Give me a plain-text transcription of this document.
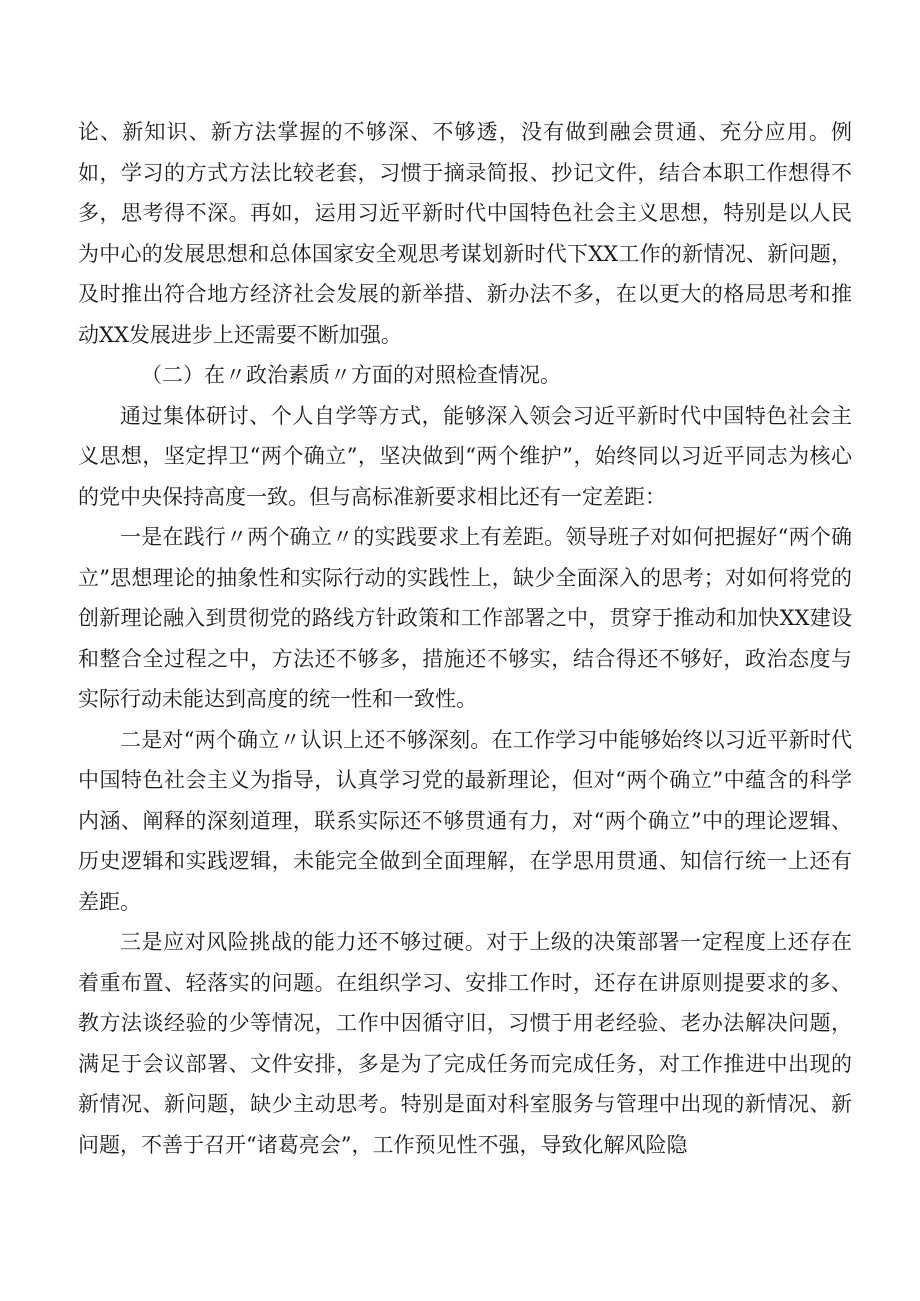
论、新知识、新方法掌握的不够深、不够透，没有做到融会贯通、充分应用。例如，学习的方式方法比较老套，习惯于摘录简报、抄记文件，结合本职工作想得不多，思考得不深。再如，运用习近平新时代中国特色社会主义思想，特别是以人民为中心的发展思想和总体国家安全观思考谋划新时代下XX工作的新情况、新问题，及时推出符合地方经济社会发展的新举措、新办法不多，在以更大的格局思考和推动XX发展进步上还需要不断加强。

（二）在〃政治素质〃方面的对照检查情况。

通过集体研讨、个人自学等方式，能够深入领会习近平新时代中国特色社会主义思想，坚定捍卫“两个确立”，坚决做到“两个维护”，始终同以习近平同志为核心的党中央保持高度一致。但与高标准新要求相比还有一定差距：

一是在践行〃两个确立〃的实践要求上有差距。领导班子对如何把握好“两个确立”思想理论的抽象性和实际行动的实践性上，缺少全面深入的思考；对如何将党的创新理论融入到贯彻党的路线方针政策和工作部署之中，贯穿于推动和加快XX建设和整合全过程之中，方法还不够多，措施还不够实，结合得还不够好，政治态度与实际行动未能达到高度的统一性和一致性。

二是对“两个确立〃认识上还不够深刻。在工作学习中能够始终以习近平新时代中国特色社会主义为指导，认真学习党的最新理论，但对“两个确立”中蕴含的科学内涵、阐释的深刻道理，联系实际还不够贯通有力，对“两个确立”中的理论逻辑、历史逻辑和实践逻辑，未能完全做到全面理解，在学思用贯通、知信行统一上还有差距。

三是应对风险挑战的能力还不够过硬。对于上级的决策部署一定程度上还存在着重布置、轻落实的问题。在组织学习、安排工作时，还存在讲原则提要求的多、教方法谈经验的少等情况，工作中因循守旧，习惯于用老经验、老办法解决问题，满足于会议部署、文件安排，多是为了完成任务而完成任务，对工作推进中出现的新情况、新问题，缺少主动思考。特别是面对科室服务与管理中出现的新情况、新问题，不善于召开“诸葛亮会”，工作预见性不强，导致化解风险隐
